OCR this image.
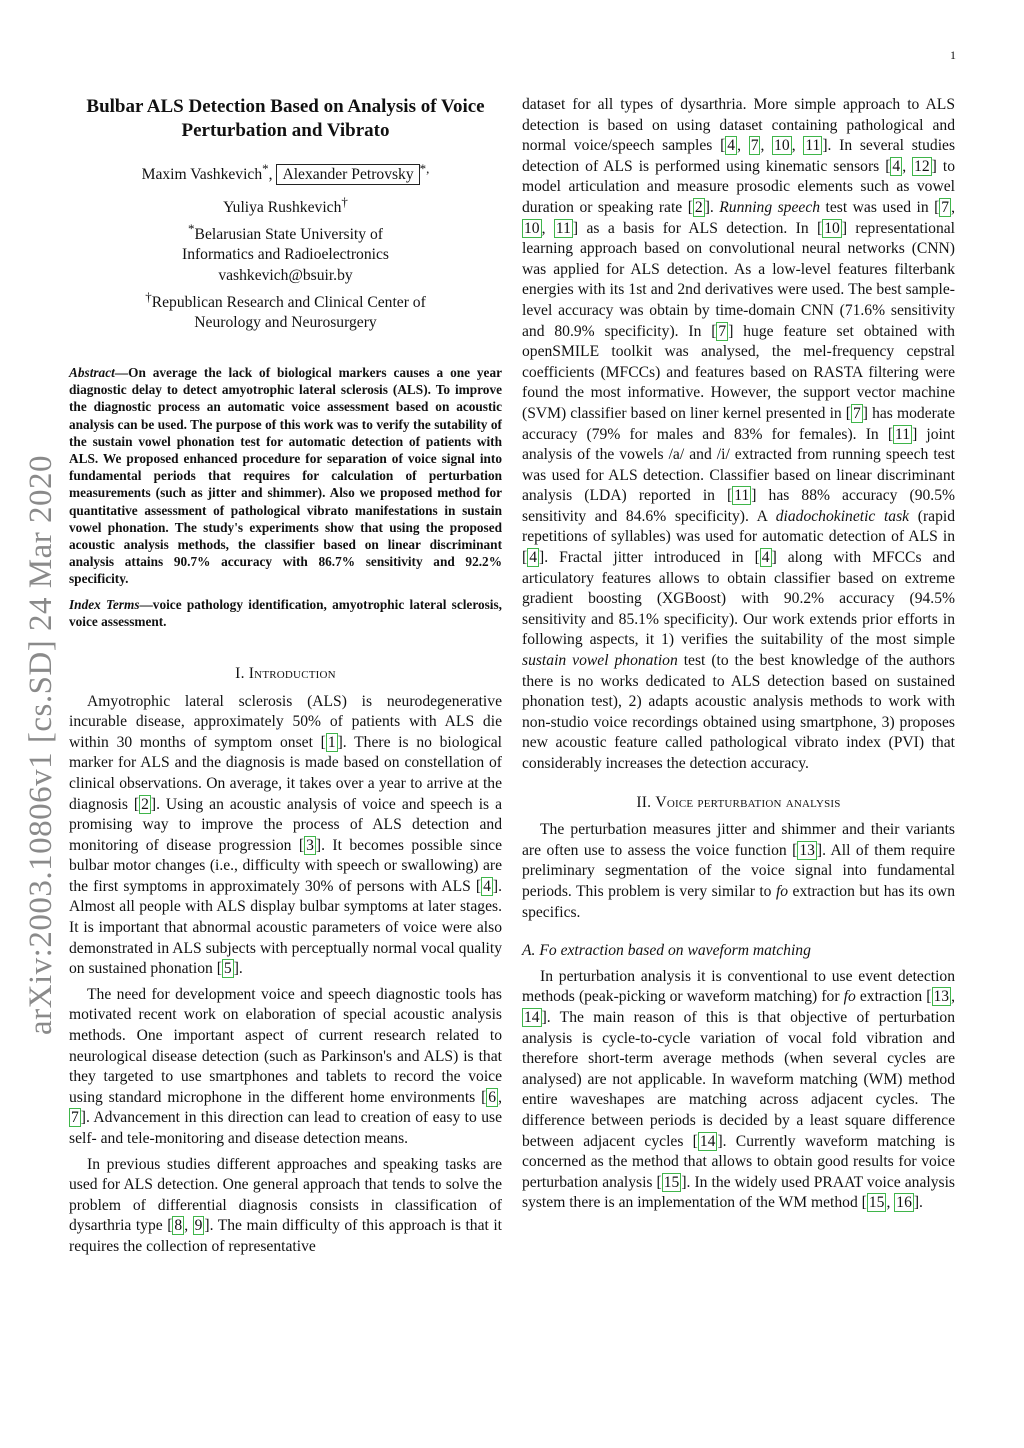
1
arXiv:2003.10806v1 [cs.SD] 24 Mar 2020
Bulbar ALS Detection Based on Analysis of Voice Perturbation and Vibrato
Maxim Vashkevich*, Alexander Petrovsky *,
Yuliya Rushkevich†
*Belarusian State University of
Informatics and Radioelectronics
vashkevich@bsuir.by
†Republican Research and Clinical Center of
Neurology and Neurosurgery
Abstract—On average the lack of biological markers causes a one year diagnostic delay to detect amyotrophic lateral sclerosis (ALS). To improve the diagnostic process an automatic voice assessment based on acoustic analysis can be used. The purpose of this work was to verify the sutability of the sustain vowel phonation test for automatic detection of patients with ALS. We proposed enhanced procedure for separation of voice signal into fundamental periods that requires for calculation of perturbation measurements (such as jitter and shimmer). Also we proposed method for quantitative assessment of pathological vibrato manifestations in sustain vowel phonation. The study's experiments show that using the proposed acoustic analysis methods, the classifier based on linear discriminant analysis attains 90.7% accuracy with 86.7% sensitivity and 92.2% specificity.
Index Terms—voice pathology identification, amyotrophic lateral sclerosis, voice assessment.
I. Introduction

Amyotrophic lateral sclerosis (ALS) is neurodegenerative incurable disease, approximately 50% of patients with ALS die within 30 months of symptom onset [ 1 ]. There is no biological marker for ALS and the diagnosis is made based on constellation of clinical observations. On average, it takes over a year to arrive at the diagnosis [ 2 ]. Using an acoustic analysis of voice and speech is a promising way to improve the process of ALS detection and monitoring of disease progression [ 3 ]. It becomes possible since bulbar motor changes (i.e., difficulty with speech or swallowing) are the first symptoms in approximately 30% of persons with ALS [ 4 ]. Almost all people with ALS display bulbar symptoms at later stages. It is important that abnormal acoustic parameters of voice were also demonstrated in ALS subjects with perceptually normal vocal quality on sustained phonation [ 5 ].

The need for development voice and speech diagnostic tools has motivated recent work on elaboration of special acoustic analysis methods. One important aspect of current research related to neurological disease detection (such as Parkinson's and ALS) is that they targeted to use smartphones and tablets to record the voice using standard microphone in the different home environments [ 6 , 7 ]. Advancement in this direction can lead to creation of easy to use self- and tele-monitoring and disease detection means.

In previous studies different approaches and speaking tasks are used for ALS detection. One general approach that tends to solve the problem of differential diagnosis consists in classification of dysarthria type [ 8 , 9 ]. The main difficulty of this approach is that it requires the collection of representative

dataset for all types of dysarthria. More simple approach to ALS detection is based on using dataset containing pathological and normal voice/speech samples [ 4 , 7 , 10 , 11 ]. In several studies detection of ALS is performed using kinematic sensors [ 4 , 12 ] to model articulation and measure prosodic elements such as vowel duration or speaking rate [ 2 ]. Running speech test was used in [ 7 , 10 , 11 ] as a basis for ALS detection. In [ 10 ] representational learning approach based on convolutional neural networks (CNN) was applied for ALS detection. As a low-level features filterbank energies with its 1st and 2nd derivatives were used. The best sample-level accuracy was obtain by time-domain CNN (71.6% sensitivity and 80.9% specificity). In [ 7 ] huge feature set obtained with openSMILE toolkit was analysed, the mel-frequency cepstral coefficients (MFCCs) and features based on RASTA filtering were found the most informative. However, the support vector machine (SVM) classifier based on liner kernel presented in [ 7 ] has moderate accuracy (79% for males and 83% for females). In [ 11 ] joint analysis of the vowels /a/ and /i/ extracted from running speech test was used for ALS detection. Classifier based on linear discriminant analysis (LDA) reported in [ 11 ] has 88% accuracy (90.5% sensitivity and 84.6% specificity). A diadochokinetic task (rapid repetitions of syllables) was used for automatic detection of ALS in [ 4 ]. Fractal jitter introduced in [ 4 ] along with MFCCs and articulatory features allows to obtain classifier based on extreme gradient boosting (XGBoost) with 90.2% accuracy (94.5% sensitivity and 85.1% specificity). Our work extends prior efforts in following aspects, it 1) verifies the suitability of the most simple sustain vowel phonation test (to the best knowledge of the authors there is no works dedicated to ALS detection based on sustained phonation test), 2) adapts acoustic analysis methods to work with non-studio voice recordings obtained using smartphone, 3) proposes new acoustic feature called pathological vibrato index (PVI) that considerably increases the detection accuracy.

II. Voice perturbation analysis

The perturbation measures jitter and shimmer and their variants are often use to assess the voice function [ 13 ]. All of them require preliminary segmentation of the voice signal into fundamental periods. This problem is very similar to fo extraction but has its own specifics.

A. Fo extraction based on waveform matching

In perturbation analysis it is conventional to use event detection methods (peak-picking or waveform matching) for fo extraction [ 13 , 14 ]. The main reason of this is that objective of perturbation analysis is cycle-to-cycle variation of vocal fold vibration and therefore short-term average methods (when several cycles are analysed) are not applicable. In waveform matching (WM) method entire waveshapes are matching across adjacent cycles. The difference between periods is decided by a least square difference between adjacent cycles [ 14 ]. Currently waveform matching is concerned as the method that allows to obtain good results for voice perturbation analysis [ 15 ]. In the widely used PRAAT voice analysis system there is an implementation of the WM method [ 15 , 16 ].
